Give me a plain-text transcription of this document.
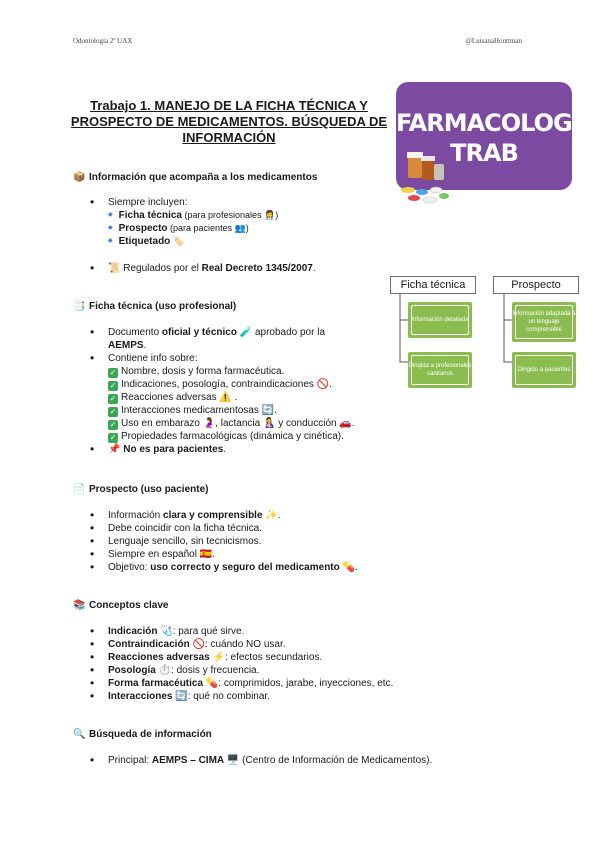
Odontología 2º UAX	@LuisanaHouttman
Trabajo 1. MANEJO DE LA FICHA TÉCNICA Y PROSPECTO DE MEDICAMENTOS. BÚSQUEDA DE INFORMACIÓN
FARMACOLOGÍA
TRAB
Ficha técnica	Prospecto
Información detallada
Dirigida a profesionales sanitarios
Información adaptada a un lenguaje comprensible
Dirigido a pacientes
📦 Información que acompaña a los medicamentos
• Siempre incluyen:
◆ Ficha técnica (para profesionales 👩‍⚕️)
◆ Prospecto (para pacientes 👥)
◆ Etiquetado 🏷️
• 📜 Regulados por el Real Decreto 1345/2007.
📑 Ficha técnica (uso profesional)
• Documento oficial y técnico 🧪 aprobado por la
AEMPS.
• Contiene info sobre:
✓ Nombre, dosis y forma farmacéutica.
✓ Indicaciones, posología, contraindicaciones 🚫.
✓ Reacciones adversas ⚠️ .
✓ Interacciones medicamentosas 🔄.
✓ Uso en embarazo 🤰, lactancia 🤱 y conducción 🚗.
✓ Propiedades farmacológicas (dinámica y cinética).
• 📌 No es para pacientes.
📄 Prospecto (uso paciente)
• Información clara y comprensible ✨.
• Debe coincidir con la ficha técnica.
• Lenguaje sencillo, sin tecnicismos.
• Siempre en español 🇪🇸.
• Objetivo: uso correcto y seguro del medicamento 💊.
📚 Conceptos clave
• Indicación 🩺: para qué sirve.
• Contraindicación 🚫: cuándo NO usar.
• Reacciones adversas ⚡: efectos secundarios.
• Posología ⏱️: dosis y frecuencia.
• Forma farmacéutica 💊: comprimidos, jarabe, inyecciones, etc.
• Interacciones 🔄: qué no combinar.
🔍 Búsqueda de información
• Principal: AEMPS – CIMA 🖥️ (Centro de Información de Medicamentos).
